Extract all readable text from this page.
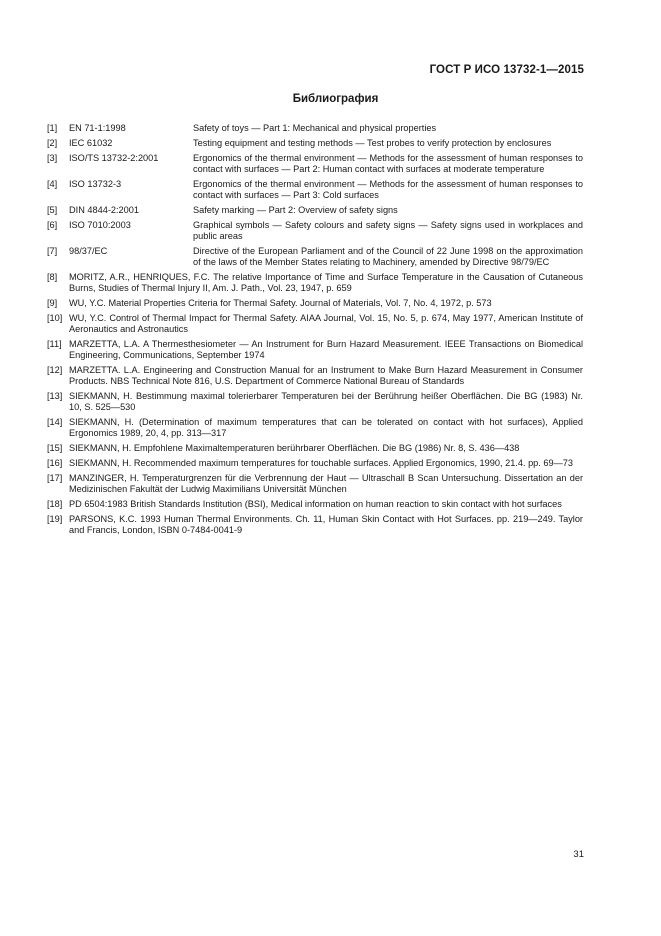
ГОСТ Р ИСО 13732-1—2015
Библиография
[1]	EN 71-1:1998	Safety of toys — Part 1: Mechanical and physical properties
[2]	IEC 61032	Testing equipment and testing methods — Test probes to verify protection by enclosures
[3]	ISO/TS 13732-2:2001	Ergonomics of the thermal environment — Methods for the assessment of human responses to contact with surfaces — Part 2: Human contact with surfaces at moderate temperature
[4]	ISO 13732-3	Ergonomics of the thermal environment — Methods for the assessment of human responses to contact with surfaces — Part 3: Cold surfaces
[5]	DIN 4844-2:2001	Safety marking — Part 2: Overview of safety signs
[6]	ISO 7010:2003	Graphical symbols — Safety colours and safety signs — Safety signs used in workplaces and public areas
[7]	98/37/EC	Directive of the European Parliament and of the Council of 22 June 1998 on the approximation of the laws of the Member States relating to Machinery, amended by Directive 98/79/EC
[8]	MORITZ, A.R., HENRIQUES, F.C. The relative Importance of Time and Surface Temperature in the Causation of Cutaneous Burns, Studies of Thermal Injury II, Am. J. Path., Vol. 23, 1947, p. 659
[9]	WU, Y.C. Material Properties Criteria for Thermal Safety. Journal of Materials, Vol. 7, No. 4, 1972, p. 573
[10] WU, Y.C. Control of Thermal Impact for Thermal Safety. AIAA Journal, Vol. 15, No. 5, p. 674, May 1977, American Institute of Aeronautics and Astronautics
[11] MARZETTA, L.A. A Thermesthesiometer — An Instrument for Burn Hazard Measurement. IEEE Transactions on Biomedical Engineering, Communications, September 1974
[12] MARZETTA. L.A. Engineering and Construction Manual for an Instrument to Make Burn Hazard Measurement in Consumer Products. NBS Technical Note 816, U.S. Department of Commerce National Bureau of Standards
[13] SIEKMANN, H. Bestimmung maximal tolerierbarer Temperaturen bei der Berührung heißer Oberflächen. Die BG (1983) Nr. 10, S. 525—530
[14] SIEKMANN, H. (Determination of maximum temperatures that can be tolerated on contact with hot surfaces), Applied Ergonomics 1989, 20, 4, pp. 313—317
[15] SIEKMANN, H. Empfohlene Maximaltemperaturen berührbarer Oberflächen. Die BG (1986) Nr. 8, S. 436—438
[16] SIEKMANN, H. Recommended maximum temperatures for touchable surfaces. Applied Ergonomics, 1990, 21.4. pp. 69—73
[17] MANZINGER, H. Temperaturgrenzen für die Verbrennung der Haut — Ultraschall B Scan Untersuchung. Dissertation an der Medizinischen Fakultät der Ludwig Maximilians Universität München
[18] PD 6504:1983 British Standards Institution (BSI), Medical information on human reaction to skin contact with hot surfaces
[19] PARSONS, K.C. 1993 Human Thermal Environments. Ch. 11, Human Skin Contact with Hot Surfaces. pp. 219—249. Taylor and Francis, London, ISBN 0-7484-0041-9
31
